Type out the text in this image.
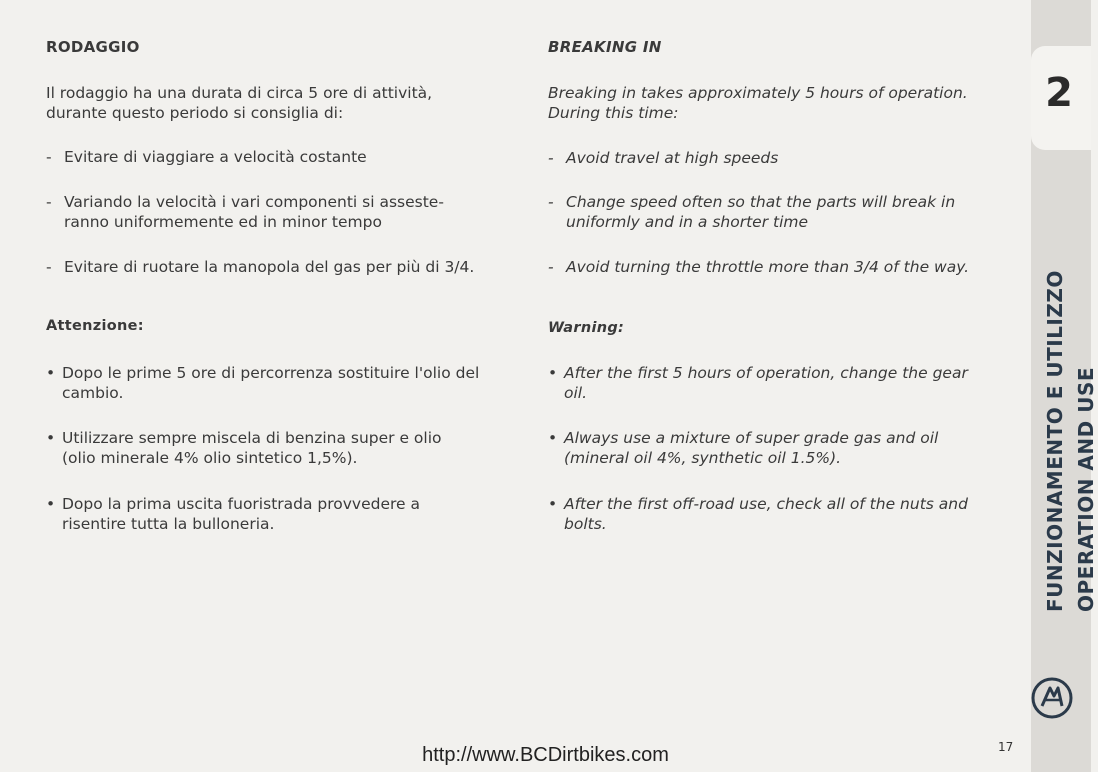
RODAGGIO

Il rodaggio ha una durata di circa 5 ore di attività,

durante questo periodo si consiglia di:

- Evitare di viaggiare a velocità costante
- Variando la velocità i vari componenti si asseste-
ranno uniformemente ed in minor tempo
- Evitare di ruotare la manopola del gas per più di 3/4.

Attenzione:

• Dopo le prime 5 ore di percorrenza sostituire l'olio del
cambio.
• Utilizzare sempre miscela di benzina super e olio
(olio minerale 4% olio sintetico 1,5%).
• Dopo la prima uscita fuoristrada provvedere a
risentire tutta la bulloneria.

BREAKING IN

Breaking in takes approximately 5 hours of operation.

During this time:

- Avoid travel at high speeds
- Change speed often so that the parts will break in
uniformly and in a shorter time
- Avoid turning the throttle more than 3/4 of the way.

Warning:

• After the first 5 hours of operation, change the gear
oil.
• Always use a mixture of super grade gas and oil
(mineral oil 4%, synthetic oil 1.5%).
• After the first off-road use, check all of the nuts and
bolts.
2
FUNZIONAMENTO E UTILIZZO OPERATION AND USE
17
http://www.BCDirtbikes.com
